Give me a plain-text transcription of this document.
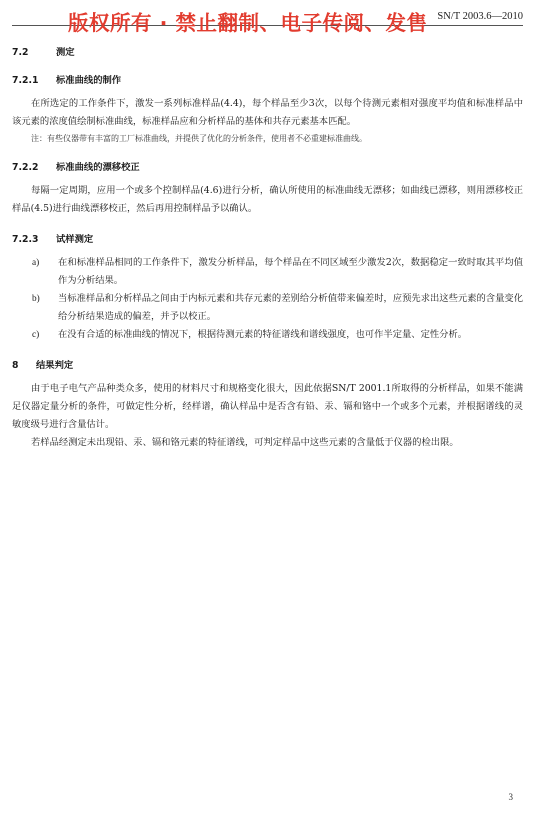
版权所有 · 禁止翻制、电子传阅、发售 SN/T 2003.6—2010
7.2	测定
7.2.1 标准曲线的制作

在所选定的工作条件下，激发一系列标准样品(4.4)，每个样品至少3次，以每个待测元素相对强度平均值和标准样品中该元素的浓度值绘制标准曲线，标准样品应和分析样品的基体和共存元素基本匹配。

注：有些仪器带有丰富的工厂标准曲线，并提供了优化的分析条件，使用者不必重建标准曲线。
7.2.2 标准曲线的漂移校正

每隔一定周期，应用一个或多个控制样品(4.6)进行分析，确认所使用的标准曲线无漂移；如曲线已漂移，则用漂移校正样品(4.5)进行曲线漂移校正，然后再用控制样品予以确认。

7.2.3 试样测定
a) 在和标准样品相同的工作条件下，激发分析样品，每个样品在不同区域至少激发2次，数据稳定一致时取其平均值作为分析结果。
b) 当标准样品和分析样品之间由于内标元素和共存元素的差别给分析值带来偏差时，应预先求出这些元素的含量变化给分析结果造成的偏差，并予以校正。
c) 在没有合适的标准曲线的情况下，根据待测元素的特征谱线和谱线强度，也可作半定量、定性分析。
8 结果判定

由于电子电气产品种类众多，使用的材料尺寸和规格变化很大，因此依据SN/T 2001.1所取得的分析样品，如果不能满足仪器定量分析的条件，可做定性分析，经样谱，确认样品中是否含有铅、汞、镉和铬中一个或多个元素，并根据谱线的灵敏度级号进行含量估计。

若样品经测定未出现铅、汞、镉和铬元素的特征谱线，可判定样品中这些元素的含量低于仪器的检出限。

3
